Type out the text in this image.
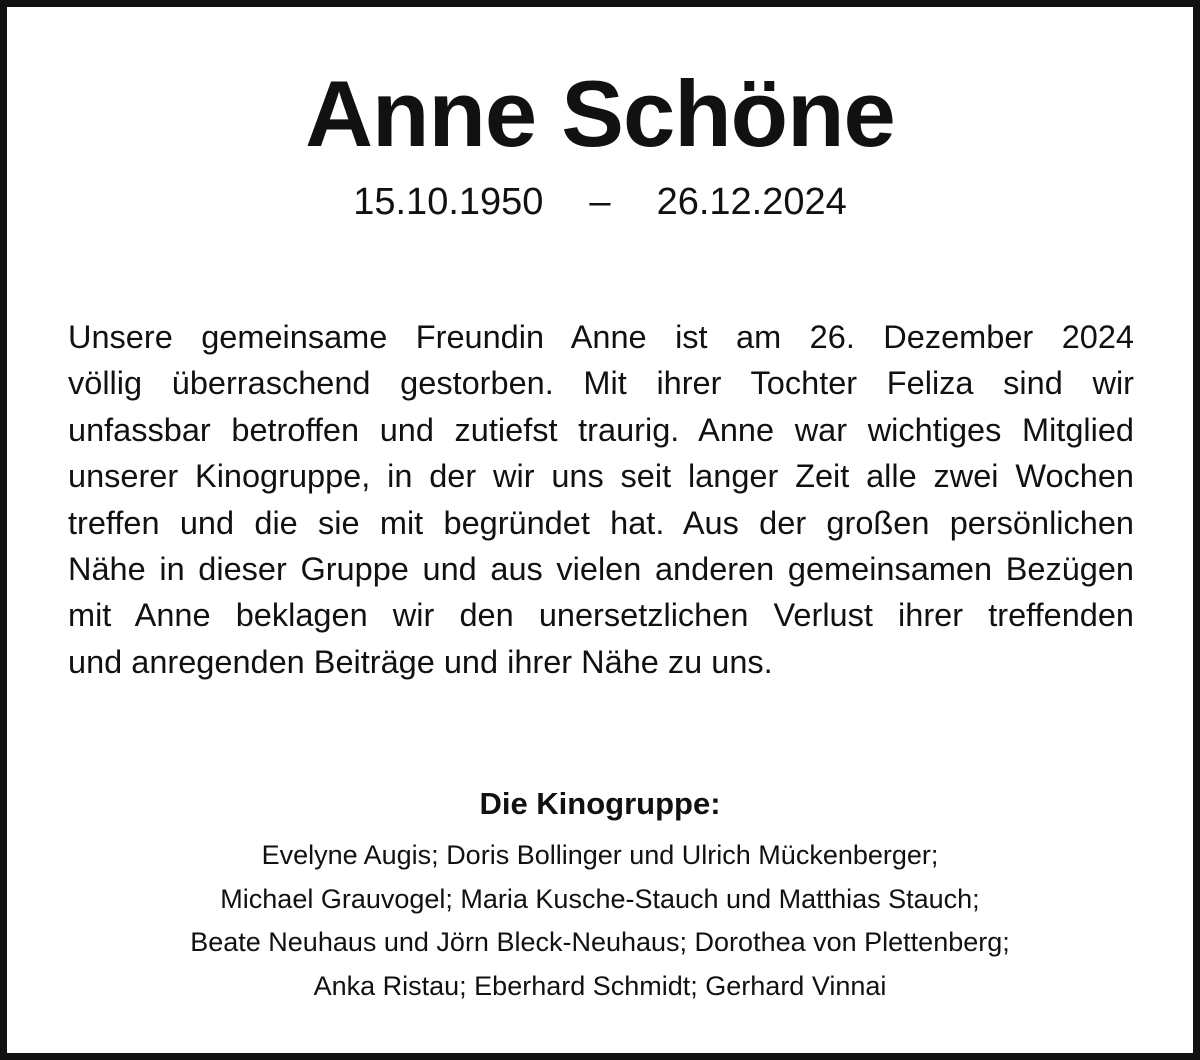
Anne Schöne
15.10.1950 – 26.12.2024

Unsere gemeinsame Freundin Anne ist am 26. Dezember 2024
völlig überraschend gestorben. Mit ihrer Tochter Feliza sind wir
unfassbar betroffen und zutiefst traurig. Anne war wichtiges Mitglied
unserer Kinogruppe, in der wir uns seit langer Zeit alle zwei Wochen
treffen und die sie mit begründet hat. Aus der großen persönlichen
Nähe in dieser Gruppe und aus vielen anderen gemeinsamen Bezügen
mit Anne beklagen wir den unersetzlichen Verlust ihrer treffenden
und anregenden Beiträge und ihrer Nähe zu uns.

Die Kinogruppe:
Evelyne Augis; Doris Bollinger und Ulrich Mückenberger;
Michael Grauvogel; Maria Kusche-Stauch und Matthias Stauch;
Beate Neuhaus und Jörn Bleck-Neuhaus; Dorothea von Plettenberg;
Anka Ristau; Eberhard Schmidt; Gerhard Vinnai
